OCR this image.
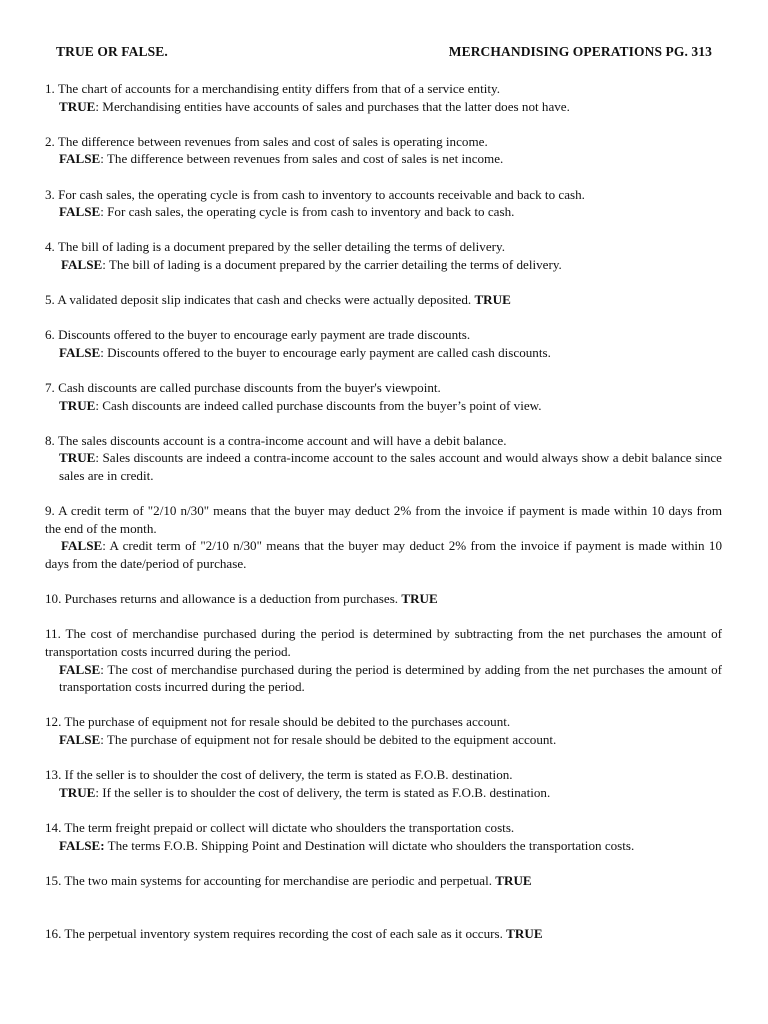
TRUE OR FALSE.	MERCHANDISING OPERATIONS PG. 313
1. The chart of accounts for a merchandising entity differs from that of a service entity.
TRUE: Merchandising entities have accounts of sales and purchases that the latter does not have.
2. The difference between revenues from sales and cost of sales is operating income.
FALSE: The difference between revenues from sales and cost of sales is net income.
3. For cash sales, the operating cycle is from cash to inventory to accounts receivable and back to cash.
FALSE: For cash sales, the operating cycle is from cash to inventory and back to cash.
4. The bill of lading is a document prepared by the seller detailing the terms of delivery.
FALSE: The bill of lading is a document prepared by the carrier detailing the terms of delivery.
5. A validated deposit slip indicates that cash and checks were actually deposited. TRUE
6. Discounts offered to the buyer to encourage early payment are trade discounts.
FALSE: Discounts offered to the buyer to encourage early payment are called cash discounts.
7. Cash discounts are called purchase discounts from the buyer's viewpoint.
TRUE: Cash discounts are indeed called purchase discounts from the buyer’s point of view.
8. The sales discounts account is a contra-income account and will have a debit balance.
TRUE: Sales discounts are indeed a contra-income account to the sales account and would always show a debit balance since sales are in credit.
9. A credit term of "2/10 n/30" means that the buyer may deduct 2% from the invoice if payment is made within 10 days from the end of the month.
FALSE: A credit term of "2/10 n/30" means that the buyer may deduct 2% from the invoice if payment is made within 10 days from the date/period of purchase.
10. Purchases returns and allowance is a deduction from purchases. TRUE
11. The cost of merchandise purchased during the period is determined by subtracting from the net purchases the amount of transportation costs incurred during the period.
FALSE: The cost of merchandise purchased during the period is determined by adding from the net purchases the amount of transportation costs incurred during the period.
12. The purchase of equipment not for resale should be debited to the purchases account.
FALSE: The purchase of equipment not for resale should be debited to the equipment account.
13. If the seller is to shoulder the cost of delivery, the term is stated as F.O.B. destination.
TRUE: If the seller is to shoulder the cost of delivery, the term is stated as F.O.B. destination.
14. The term freight prepaid or collect will dictate who shoulders the transportation costs.
FALSE: The terms F.O.B. Shipping Point and Destination will dictate who shoulders the transportation costs.
15. The two main systems for accounting for merchandise are periodic and perpetual. TRUE
16. The perpetual inventory system requires recording the cost of each sale as it occurs. TRUE
